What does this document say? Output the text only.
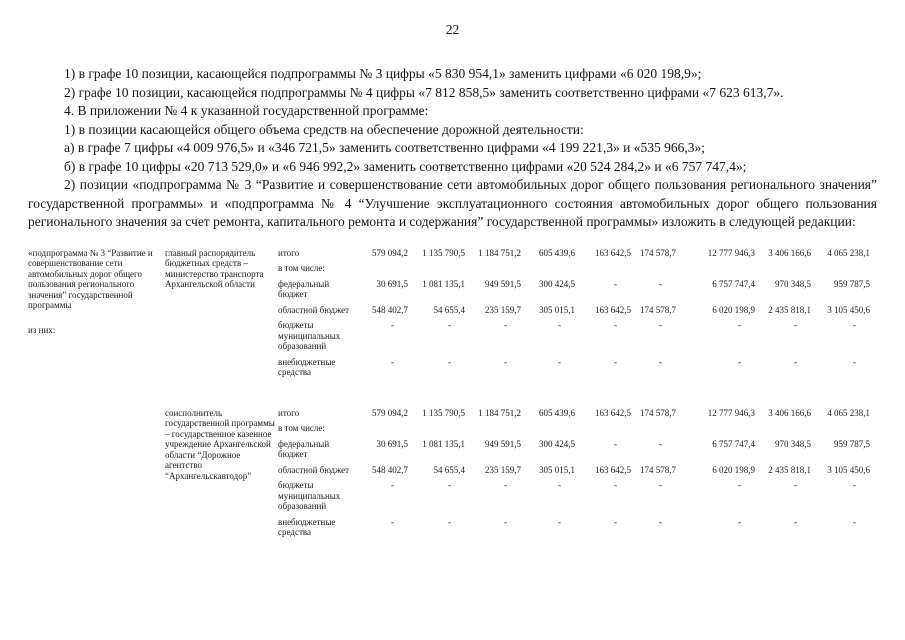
22

1) в графе 10 позиции, касающейся подпрограммы № 3 цифры «5 830 954,1» заменить цифрами «6 020 198,9»;

2) графе 10 позиции, касающейся подпрограммы № 4 цифры «7 812 858,5» заменить соответственно цифрами «7 623 613,7».

4. В приложении № 4 к указанной государственной программе:

1) в позиции касающейся общего объема средств на обеспечение дорожной деятельности:

а) в графе 7 цифры «4 009 976,5» и «346 721,5» заменить соответственно цифрами «4 199 221,3» и «535 966,3»;

б) в графе 10 цифры «20 713 529,0» и «6 946 992,2» заменить соответственно цифрами «20 524 284,2» и «6 757 747,4»;

2) позиции «подпрограмма № 3 “Развитие и совершенствование сети автомобильных дорог общего пользования регионального значения” государственной программы» и «подпрограмма № 4 “Улучшение эксплуатационного состояния автомобильных дорог общего пользования регионального значения за счет ремонта, капитального ремонта и содержания” государственной программы» изложить в следующей редакции:

«подпрограмма № 3 “Развитие и совершенствование сети автомобильных дорог общего пользования регионального значения” государственной программы
из них:	главный распорядитель бюджетных средств – министерство транспорта Архангельской области	итого	579 094,2	1 135 790,5	1 184 751,2	605 439,6	163 642,5	174 578,7	12 777 946,3	3 406 166,6	4 065 238,1
		в том числе:									
		федеральный бюджет	30 691,5	1 081 135,1	949 591,5	300 424,5	-	-	6 757 747,4	970 348,5	959 787,5
		областной бюджет	548 402,7	54 655,4	235 159,7	305 015,1	163 642,5	174 578,7	6 020 198,9	2 435 818,1	3 105 450,6
		бюджеты муниципальных образований	-	-	-	-	-	-	-	-	-
		внебюджетные средства	-	-	-	-	-	-	-	-	-

	соисполнитель государственной программы – государственное казенное учреждение Архангельской области “Дорожное агентство “Архангельскавтодор”	итого	579 094,2	1 135 790,5	1 184 751,2	605 439,6	163 642,5	174 578,7	12 777 946,3	3 406 166,6	4 065 238,1
		в том числе:									
		федеральный бюджет	30 691,5	1 081 135,1	949 591,5	300 424,5	-	-	6 757 747,4	970 348,5	959 787,5
		областной бюджет	548 402,7	54 655,4	235 159,7	305 015,1	163 642,5	174 578,7	6 020 198,9	2 435 818,1	3 105 450,6
		бюджеты муниципальных образований	-	-	-	-	-	-	-	-	-
		внебюджетные средства	-	-	-	-	-	-	-	-	-
